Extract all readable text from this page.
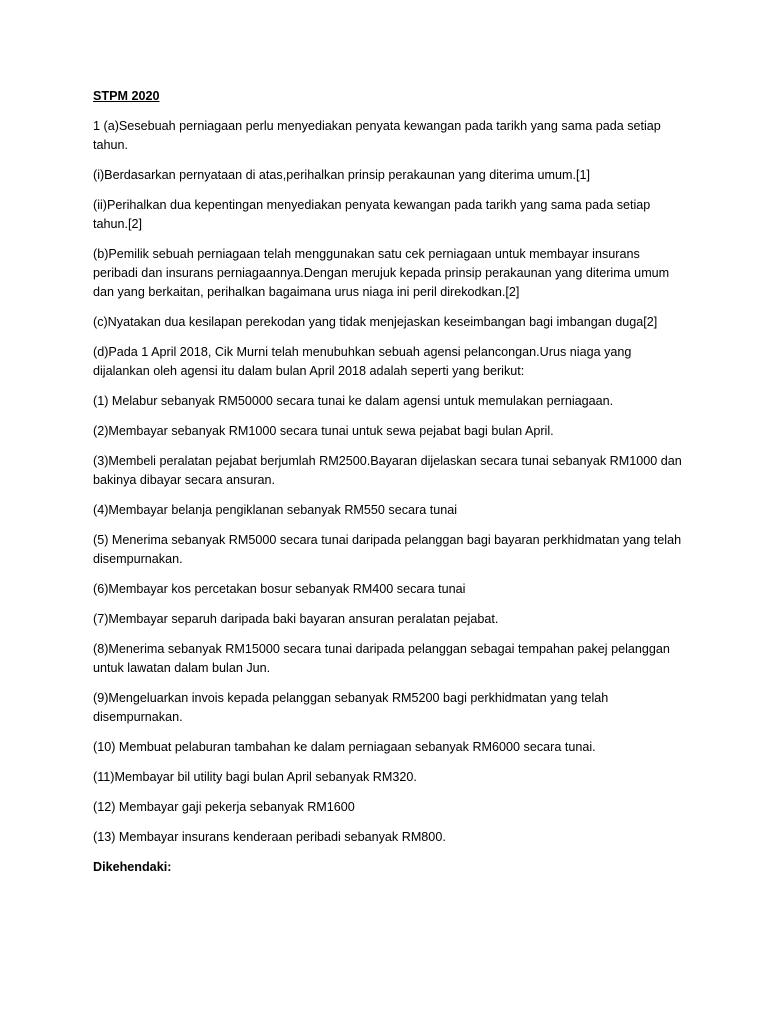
STPM 2020

1 (a)Sesebuah perniagaan perlu menyediakan penyata kewangan pada tarikh yang sama pada setiap tahun.

(i)Berdasarkan pernyataan di atas,perihalkan prinsip perakaunan yang diterima umum.[1]

(ii)Perihalkan dua kepentingan menyediakan penyata kewangan pada tarikh yang sama pada setiap tahun.[2]

(b)Pemilik sebuah perniagaan telah menggunakan satu cek perniagaan untuk membayar insurans peribadi dan insurans perniagaannya.Dengan merujuk kepada prinsip perakaunan yang diterima umum dan yang berkaitan, perihalkan bagaimana urus niaga ini peril direkodkan.[2]

(c)Nyatakan dua kesilapan perekodan yang tidak menjejaskan keseimbangan bagi imbangan duga[2]

(d)Pada 1 April 2018, Cik Murni telah menubuhkan sebuah agensi pelancongan.Urus niaga yang dijalankan oleh agensi itu dalam bulan April 2018 adalah seperti yang berikut:

(1) Melabur sebanyak RM50000 secara tunai ke dalam agensi untuk memulakan perniagaan.

(2)Membayar sebanyak RM1000 secara tunai untuk sewa pejabat bagi bulan April.

(3)Membeli peralatan pejabat berjumlah RM2500.Bayaran dijelaskan secara tunai sebanyak RM1000 dan bakinya dibayar secara ansuran.

(4)Membayar belanja pengiklanan sebanyak RM550 secara tunai

(5) Menerima sebanyak RM5000 secara tunai daripada pelanggan bagi bayaran perkhidmatan yang telah disempurnakan.

(6)Membayar kos percetakan bosur sebanyak RM400 secara tunai

(7)Membayar separuh daripada baki bayaran ansuran peralatan pejabat.

(8)Menerima sebanyak RM15000 secara tunai daripada pelanggan sebagai tempahan pakej pelanggan untuk lawatan dalam bulan Jun.

(9)Mengeluarkan invois kepada pelanggan sebanyak RM5200 bagi perkhidmatan yang telah disempurnakan.

(10) Membuat pelaburan tambahan ke dalam perniagaan sebanyak RM6000 secara tunai.

(11)Membayar bil utility bagi bulan April sebanyak RM320.

(12) Membayar gaji pekerja sebanyak RM1600

(13) Membayar insurans kenderaan peribadi sebanyak RM800.

Dikehendaki:
